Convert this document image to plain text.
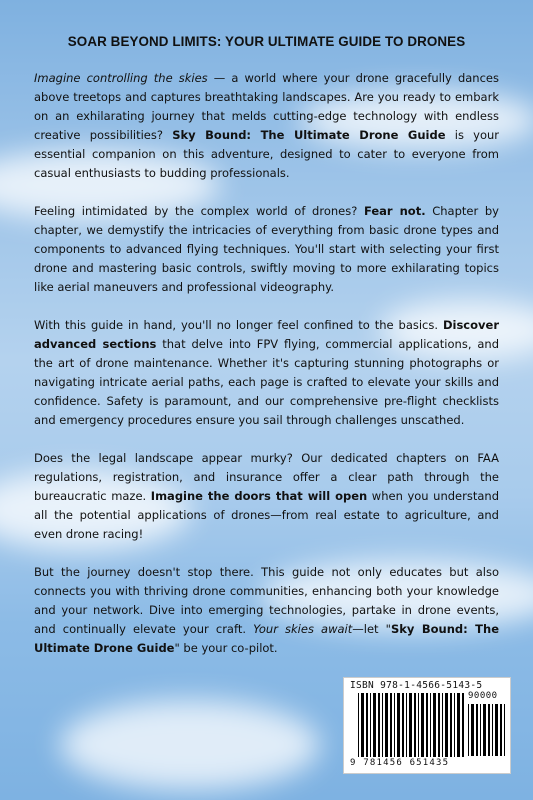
SOAR BEYOND LIMITS: YOUR ULTIMATE GUIDE TO DRONES

Imagine controlling the skies — a world where your drone gracefully dances above treetops and captures breathtaking landscapes. Are you ready to embark on an exhilarating journey that melds cutting-edge technology with endless creative possibilities? Sky Bound: The Ultimate Drone Guide is your essential companion on this adventure, designed to cater to everyone from casual enthusiasts to budding professionals.

Feeling intimidated by the complex world of drones? Fear not. Chapter by chapter, we demystify the intricacies of everything from basic drone types and components to advanced flying techniques. You'll start with selecting your first drone and mastering basic controls, swiftly moving to more exhilarating topics like aerial maneuvers and professional videography.

With this guide in hand, you'll no longer feel confined to the basics. Discover advanced sections that delve into FPV flying, commercial applications, and the art of drone maintenance. Whether it's capturing stunning photographs or navigating intricate aerial paths, each page is crafted to elevate your skills and confidence. Safety is paramount, and our comprehensive pre-flight checklists and emergency procedures ensure you sail through challenges unscathed.

Does the legal landscape appear murky? Our dedicated chapters on FAA regulations, registration, and insurance offer a clear path through the bureaucratic maze. Imagine the doors that will open when you understand all the potential applications of drones—from real estate to agriculture, and even drone racing!

But the journey doesn't stop there. This guide not only educates but also connects you with thriving drone communities, enhancing both your knowledge and your network. Dive into emerging technologies, partake in drone events, and continually elevate your craft. Your skies await—let "Sky Bound: The Ultimate Drone Guide" be your co-pilot.

ISBN 978-1-4566-5143-5
90000
9 781456 651435
